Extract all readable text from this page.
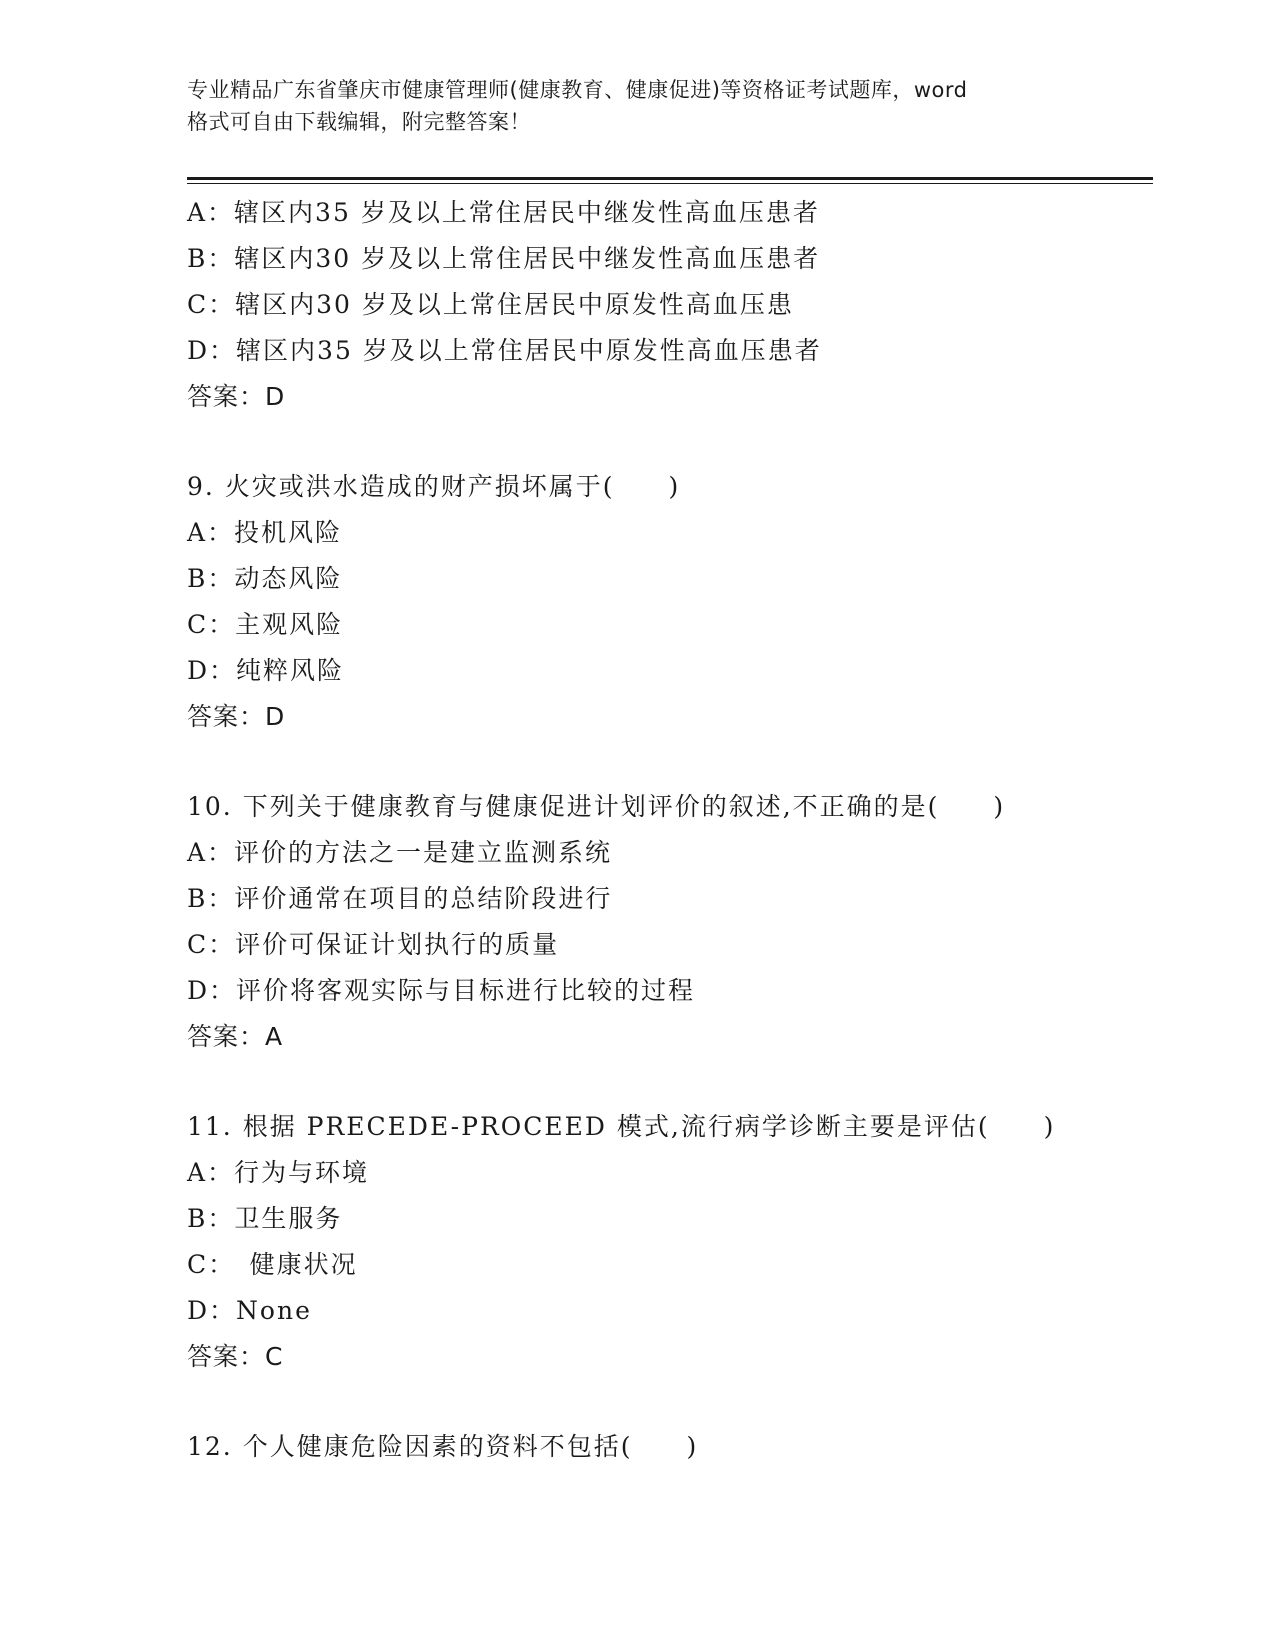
专业精品广东省肇庆市健康管理师(健康教育、健康促进)等资格证考试题库，word
格式可自由下载编辑，附完整答案！
A：辖区内35 岁及以上常住居民中继发性高血压患者
B：辖区内30 岁及以上常住居民中继发性高血压患者
C：辖区内30 岁及以上常住居民中原发性高血压患
D：辖区内35 岁及以上常住居民中原发性高血压患者
答案：D
9. 火灾或洪水造成的财产损坏属于(　　)
A：投机风险
B：动态风险
C：主观风险
D：纯粹风险
答案：D
10. 下列关于健康教育与健康促进计划评价的叙述,不正确的是(　　)
A：评价的方法之一是建立监测系统
B：评价通常在项目的总结阶段进行
C：评价可保证计划执行的质量
D：评价将客观实际与目标进行比较的过程
答案：A
11. 根据 PRECEDE-PROCEED 模式,流行病学诊断主要是评估(　　)
A：行为与环境
B：卫生服务
C：　健康状况
D：None
答案：C
12. 个人健康危险因素的资料不包括(　　)
